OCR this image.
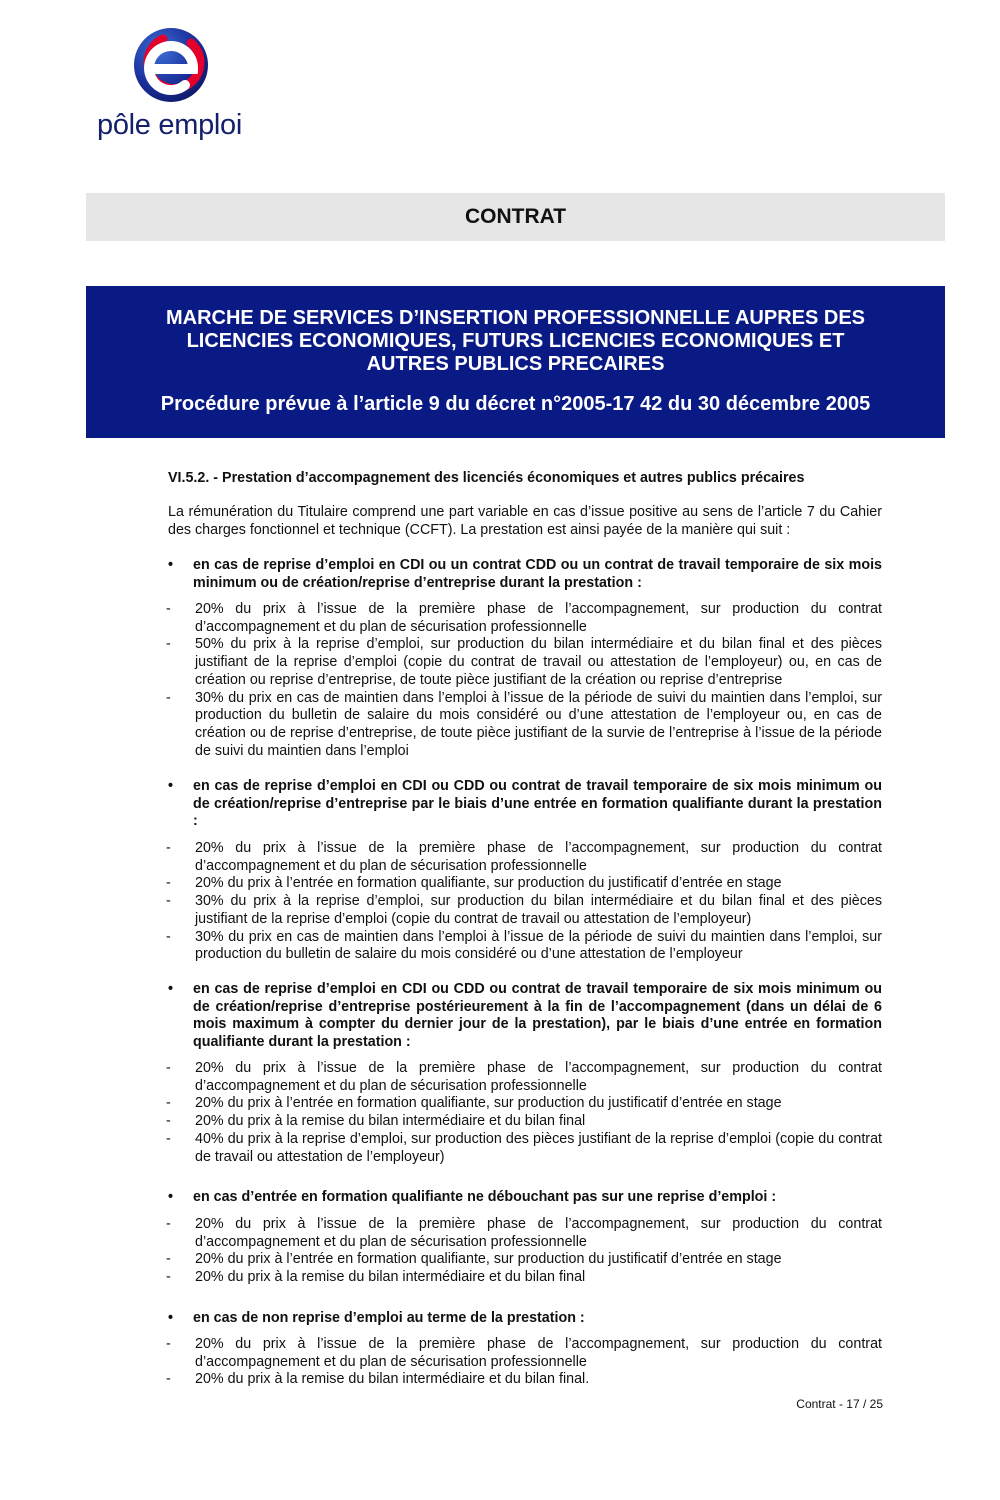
pôle emploi
CONTRAT
MARCHE DE SERVICES D’INSERTION PROFESSIONNELLE AUPRES DES
LICENCIES ECONOMIQUES, FUTURS LICENCIES ECONOMIQUES ET
AUTRES PUBLICS PRECAIRES
Procédure prévue à l’article 9 du décret n°2005-17 42 du 30 décembre 2005
VI.5.2. - Prestation d’accompagnement des licenciés économiques et autres publics précaires
La rémunération du Titulaire comprend une part variable en cas d’issue positive au sens de l’article 7 du Cahier des charges fonctionnel et technique (CCFT). La prestation est ainsi payée de la manière qui suit :
•	en cas de reprise d’emploi en CDI ou un contrat CDD ou un contrat de travail temporaire de six mois minimum ou de création/reprise d’entreprise durant la prestation :
- 20% du prix à l’issue de la première phase de l’accompagnement, sur production du contrat d’accompagnement et du plan de sécurisation professionnelle
- 50% du prix à la reprise d’emploi, sur production du bilan intermédiaire et du bilan final et des pièces justifiant de la reprise d’emploi (copie du contrat de travail ou attestation de l’employeur) ou, en cas de création ou reprise d’entreprise, de toute pièce justifiant de la création ou reprise d’entreprise
- 30% du prix en cas de maintien dans l’emploi à l’issue de la période de suivi du maintien dans l’emploi, sur production du bulletin de salaire du mois considéré ou d’une attestation de l’employeur ou, en cas de création ou de reprise d’entreprise, de toute pièce justifiant de la survie de l’entreprise à l’issue de la période de suivi du maintien dans l’emploi
•	en cas de reprise d’emploi en CDI ou CDD ou contrat de travail temporaire de six mois minimum ou de création/reprise d’entreprise par le biais d’une entrée en formation qualifiante durant la prestation :
- 20% du prix à l’issue de la première phase de l’accompagnement, sur production du contrat d’accompagnement et du plan de sécurisation professionnelle
- 20% du prix à l’entrée en formation qualifiante, sur production du justificatif d’entrée en stage
- 30% du prix à la reprise d’emploi, sur production du bilan intermédiaire et du bilan final et des pièces justifiant de la reprise d’emploi (copie du contrat de travail ou attestation de l’employeur)
- 30% du prix en cas de maintien dans l’emploi à l’issue de la période de suivi du maintien dans l’emploi, sur production du bulletin de salaire du mois considéré ou d’une attestation de l’employeur
•	en cas de reprise d’emploi en CDI ou CDD ou contrat de travail temporaire de six mois minimum ou de création/reprise d’entreprise postérieurement à la fin de l’accompagnement (dans un délai de 6 mois maximum à compter du dernier jour de la prestation), par le biais d’une entrée en formation qualifiante durant la prestation :
- 20% du prix à l’issue de la première phase de l’accompagnement, sur production du contrat d’accompagnement et du plan de sécurisation professionnelle
- 20% du prix à l’entrée en formation qualifiante, sur production du justificatif d’entrée en stage
- 20% du prix à la remise du bilan intermédiaire et du bilan final
- 40% du prix à la reprise d’emploi, sur production des pièces justifiant de la reprise d’emploi (copie du contrat de travail ou attestation de l’employeur)
•	en cas d’entrée en formation qualifiante ne débouchant pas sur une reprise d’emploi :
- 20% du prix à l’issue de la première phase de l’accompagnement, sur production du contrat d’accompagnement et du plan de sécurisation professionnelle
- 20% du prix à l’entrée en formation qualifiante, sur production du justificatif d’entrée en stage
- 20% du prix à la remise du bilan intermédiaire et du bilan final
•	en cas de non reprise d’emploi au terme de la prestation :
- 20% du prix à l’issue de la première phase de l’accompagnement, sur production du contrat d’accompagnement et du plan de sécurisation professionnelle
- 20% du prix à la remise du bilan intermédiaire et du bilan final.
Contrat - 17 / 25
